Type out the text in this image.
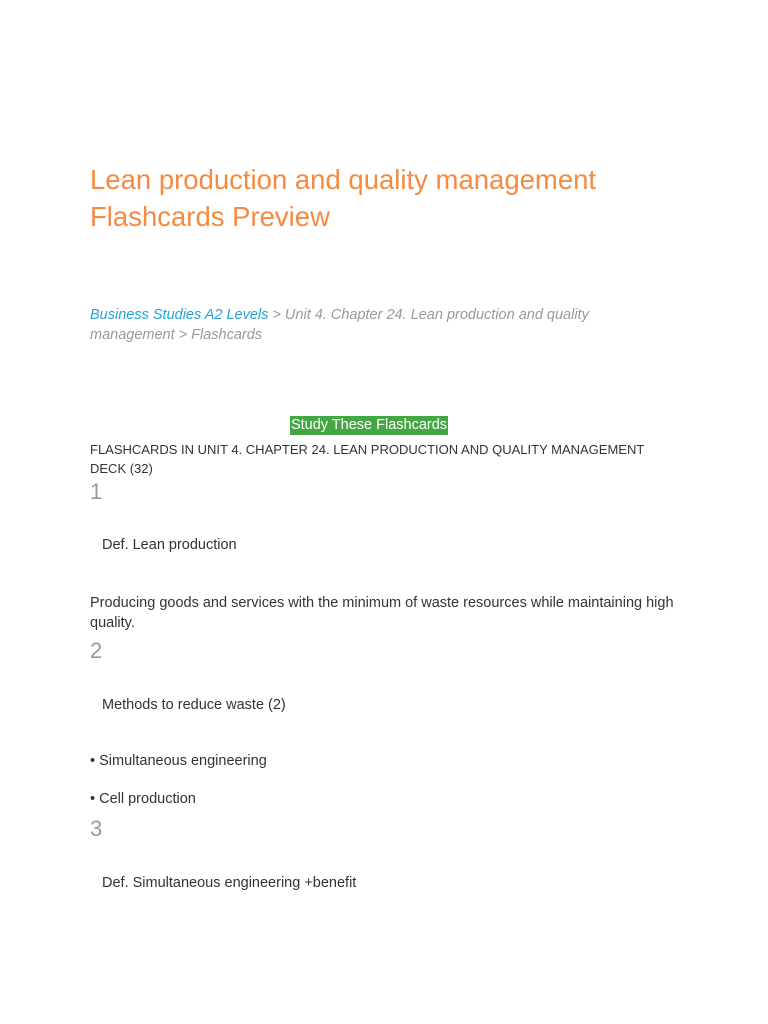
Lean production and quality management
Flashcards Preview
Business Studies A2 Levels > Unit 4. Chapter 24. Lean production and quality management > Flashcards
Study These Flashcards
FLASHCARDS IN UNIT 4. CHAPTER 24. LEAN PRODUCTION AND QUALITY MANAGEMENT DECK (32)
1
Def. Lean production
Producing goods and services with the minimum of waste resources while maintaining high quality.
2
Methods to reduce waste (2)
• Simultaneous engineering
• Cell production
3
Def. Simultaneous engineering +benefit
